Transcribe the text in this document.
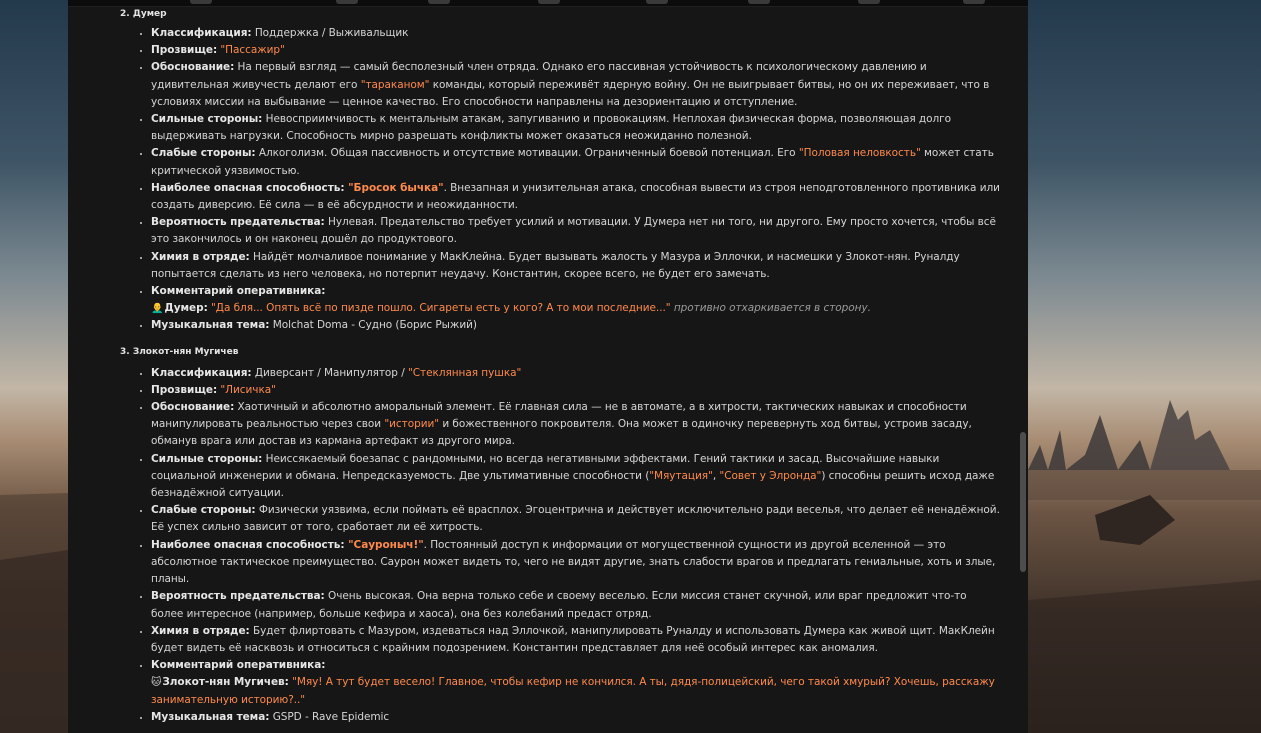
2. Думер
• Классификация: Поддержка / Выживальщик
• Прозвище: "Пассажир"
• Обоснование: На первый взгляд — самый бесполезный член отряда. Однако его пассивная устойчивость к психологическому давлению и удивительная живучесть делают его "тараканом" команды, который переживёт ядерную войну. Он не выигрывает битвы, но он их переживает, что в условиях миссии на выбывание — ценное качество. Его способности направлены на дезориентацию и отступление.
• Сильные стороны: Невосприимчивость к ментальным атакам, запугиванию и провокациям. Неплохая физическая форма, позволяющая долго выдерживать нагрузки. Способность мирно разрешать конфликты может оказаться неожиданно полезной.
• Слабые стороны: Алкоголизм. Общая пассивность и отсутствие мотивации. Ограниченный боевой потенциал. Его "Половая неловкость" может стать критической уязвимостью.
• Наиболее опасная способность: "Бросок бычка". Внезапная и унизительная атака, способная вывести из строя неподготовленного противника или создать диверсию. Её сила — в её абсурдности и неожиданности.
• Вероятность предательства: Нулевая. Предательство требует усилий и мотивации. У Думера нет ни того, ни другого. Ему просто хочется, чтобы всё это закончилось и он наконец дошёл до продуктового.
• Химия в отряде: Найдёт молчаливое понимание у МакКлейна. Будет вызывать жалость у Мазура и Эллочки, и насмешки у Злокот-нян. Руналду попытается сделать из него человека, но потерпит неудачу. Константин, скорее всего, не будет его замечать.
• Комментарий оперативника:
👨‍🦲Думер: "Да бля... Опять всё по пизде пошло. Сигареты есть у кого? А то мои последние..." противно отхаркивается в сторону.
• Музыкальная тема: Molchat Doma - Судно (Борис Рыжий)
3. Злокот-нян Мугичев
• Классификация: Диверсант / Манипулятор / "Стеклянная пушка"
• Прозвище: "Лисичка"
• Обоснование: Хаотичный и абсолютно аморальный элемент. Её главная сила — не в автомате, а в хитрости, тактических навыках и способности манипулировать реальностью через свои "истории" и божественного покровителя. Она может в одиночку перевернуть ход битвы, устроив засаду, обманув врага или достав из кармана артефакт из другого мира.
• Сильные стороны: Неиссякаемый боезапас с рандомными, но всегда негативными эффектами. Гений тактики и засад. Высочайшие навыки социальной инженерии и обмана. Непредсказуемость. Две ультимативные способности ("Мяутация", "Совет у Элронда") способны решить исход даже безнадёжной ситуации.
• Слабые стороны: Физически уязвима, если поймать её врасплох. Эгоцентрична и действует исключительно ради веселья, что делает её ненадёжной. Её успех сильно зависит от того, сработает ли её хитрость.
• Наиболее опасная способность: "Сауроныч!". Постоянный доступ к информации от могущественной сущности из другой вселенной — это абсолютное тактическое преимущество. Саурон может видеть то, чего не видят другие, знать слабости врагов и предлагать гениальные, хоть и злые, планы.
• Вероятность предательства: Очень высокая. Она верна только себе и своему веселью. Если миссия станет скучной, или враг предложит что-то более интересное (например, больше кефира и хаоса), она без колебаний предаст отряд.
• Химия в отряде: Будет флиртовать с Мазуром, издеваться над Эллочкой, манипулировать Руналду и использовать Думера как живой щит. МакКлейн будет видеть её насквозь и относиться с крайним подозрением. Константин представляет для неё особый интерес как аномалия.
• Комментарий оперативника:
🐱Злокот-нян Мугичев: "Мяу! А тут будет весело! Главное, чтобы кефир не кончился. А ты, дядя-полицейский, чего такой хмурый? Хочешь, расскажу занимательную историю?.."
• Музыкальная тема: GSPD - Rave Epidemic
